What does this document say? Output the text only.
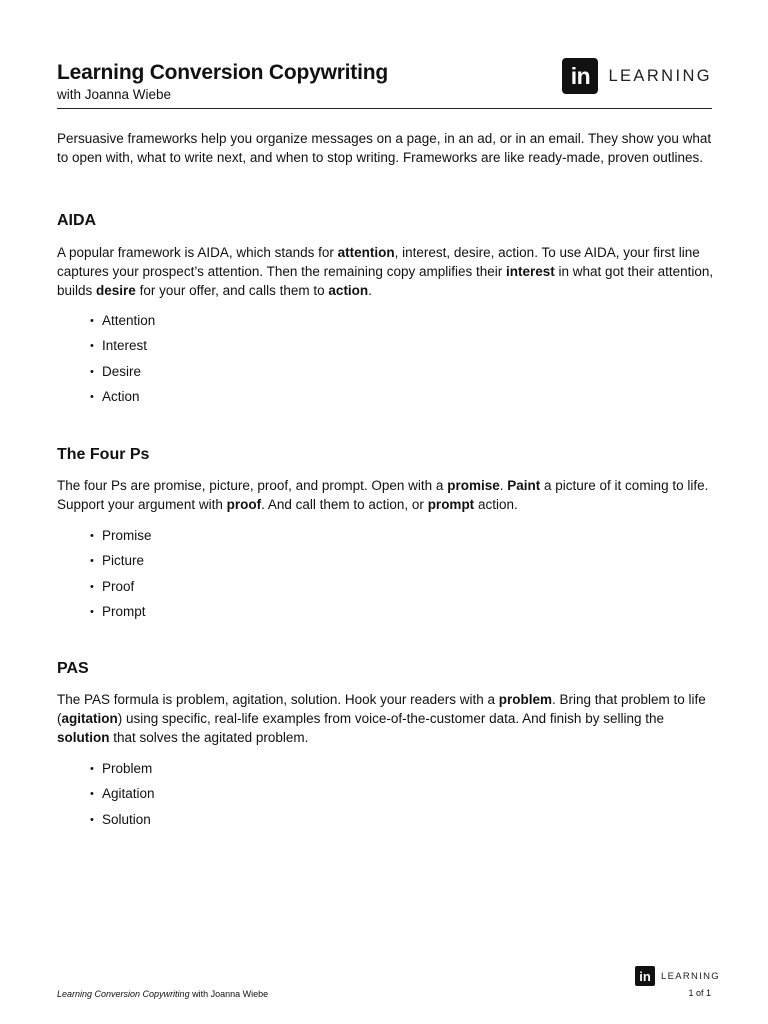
Learning Conversion Copywriting
with Joanna Wiebe
in	LEARNING

Persuasive frameworks help you organize messages on a page, in an ad, or in an email. They show you what to open with, what to write next, and when to stop writing. Frameworks are like ready-made, proven outlines.

AIDA

A popular framework is AIDA, which stands for attention, interest, desire, action. To use AIDA, your first line captures your prospect’s attention. Then the remaining copy amplifies their interest in what got their attention, builds desire for your offer, and calls them to action.

• Attention
• Interest
• Desire
• Action
The Four Ps

The four Ps are promise, picture, proof, and prompt. Open with a promise. Paint a picture of it coming to life. Support your argument with proof. And call them to action, or prompt action.

• Promise
• Picture
• Proof
• Prompt
PAS

The PAS formula is problem, agitation, solution. Hook your readers with a problem. Bring that problem to life (agitation) using specific, real-life examples from voice-of-the-customer data. And finish by selling the solution that solves the agitated problem.

• Problem
• Agitation
• Solution
in	LEARNING
Learning Conversion Copywriting with Joanna Wiebe	1 of 1
